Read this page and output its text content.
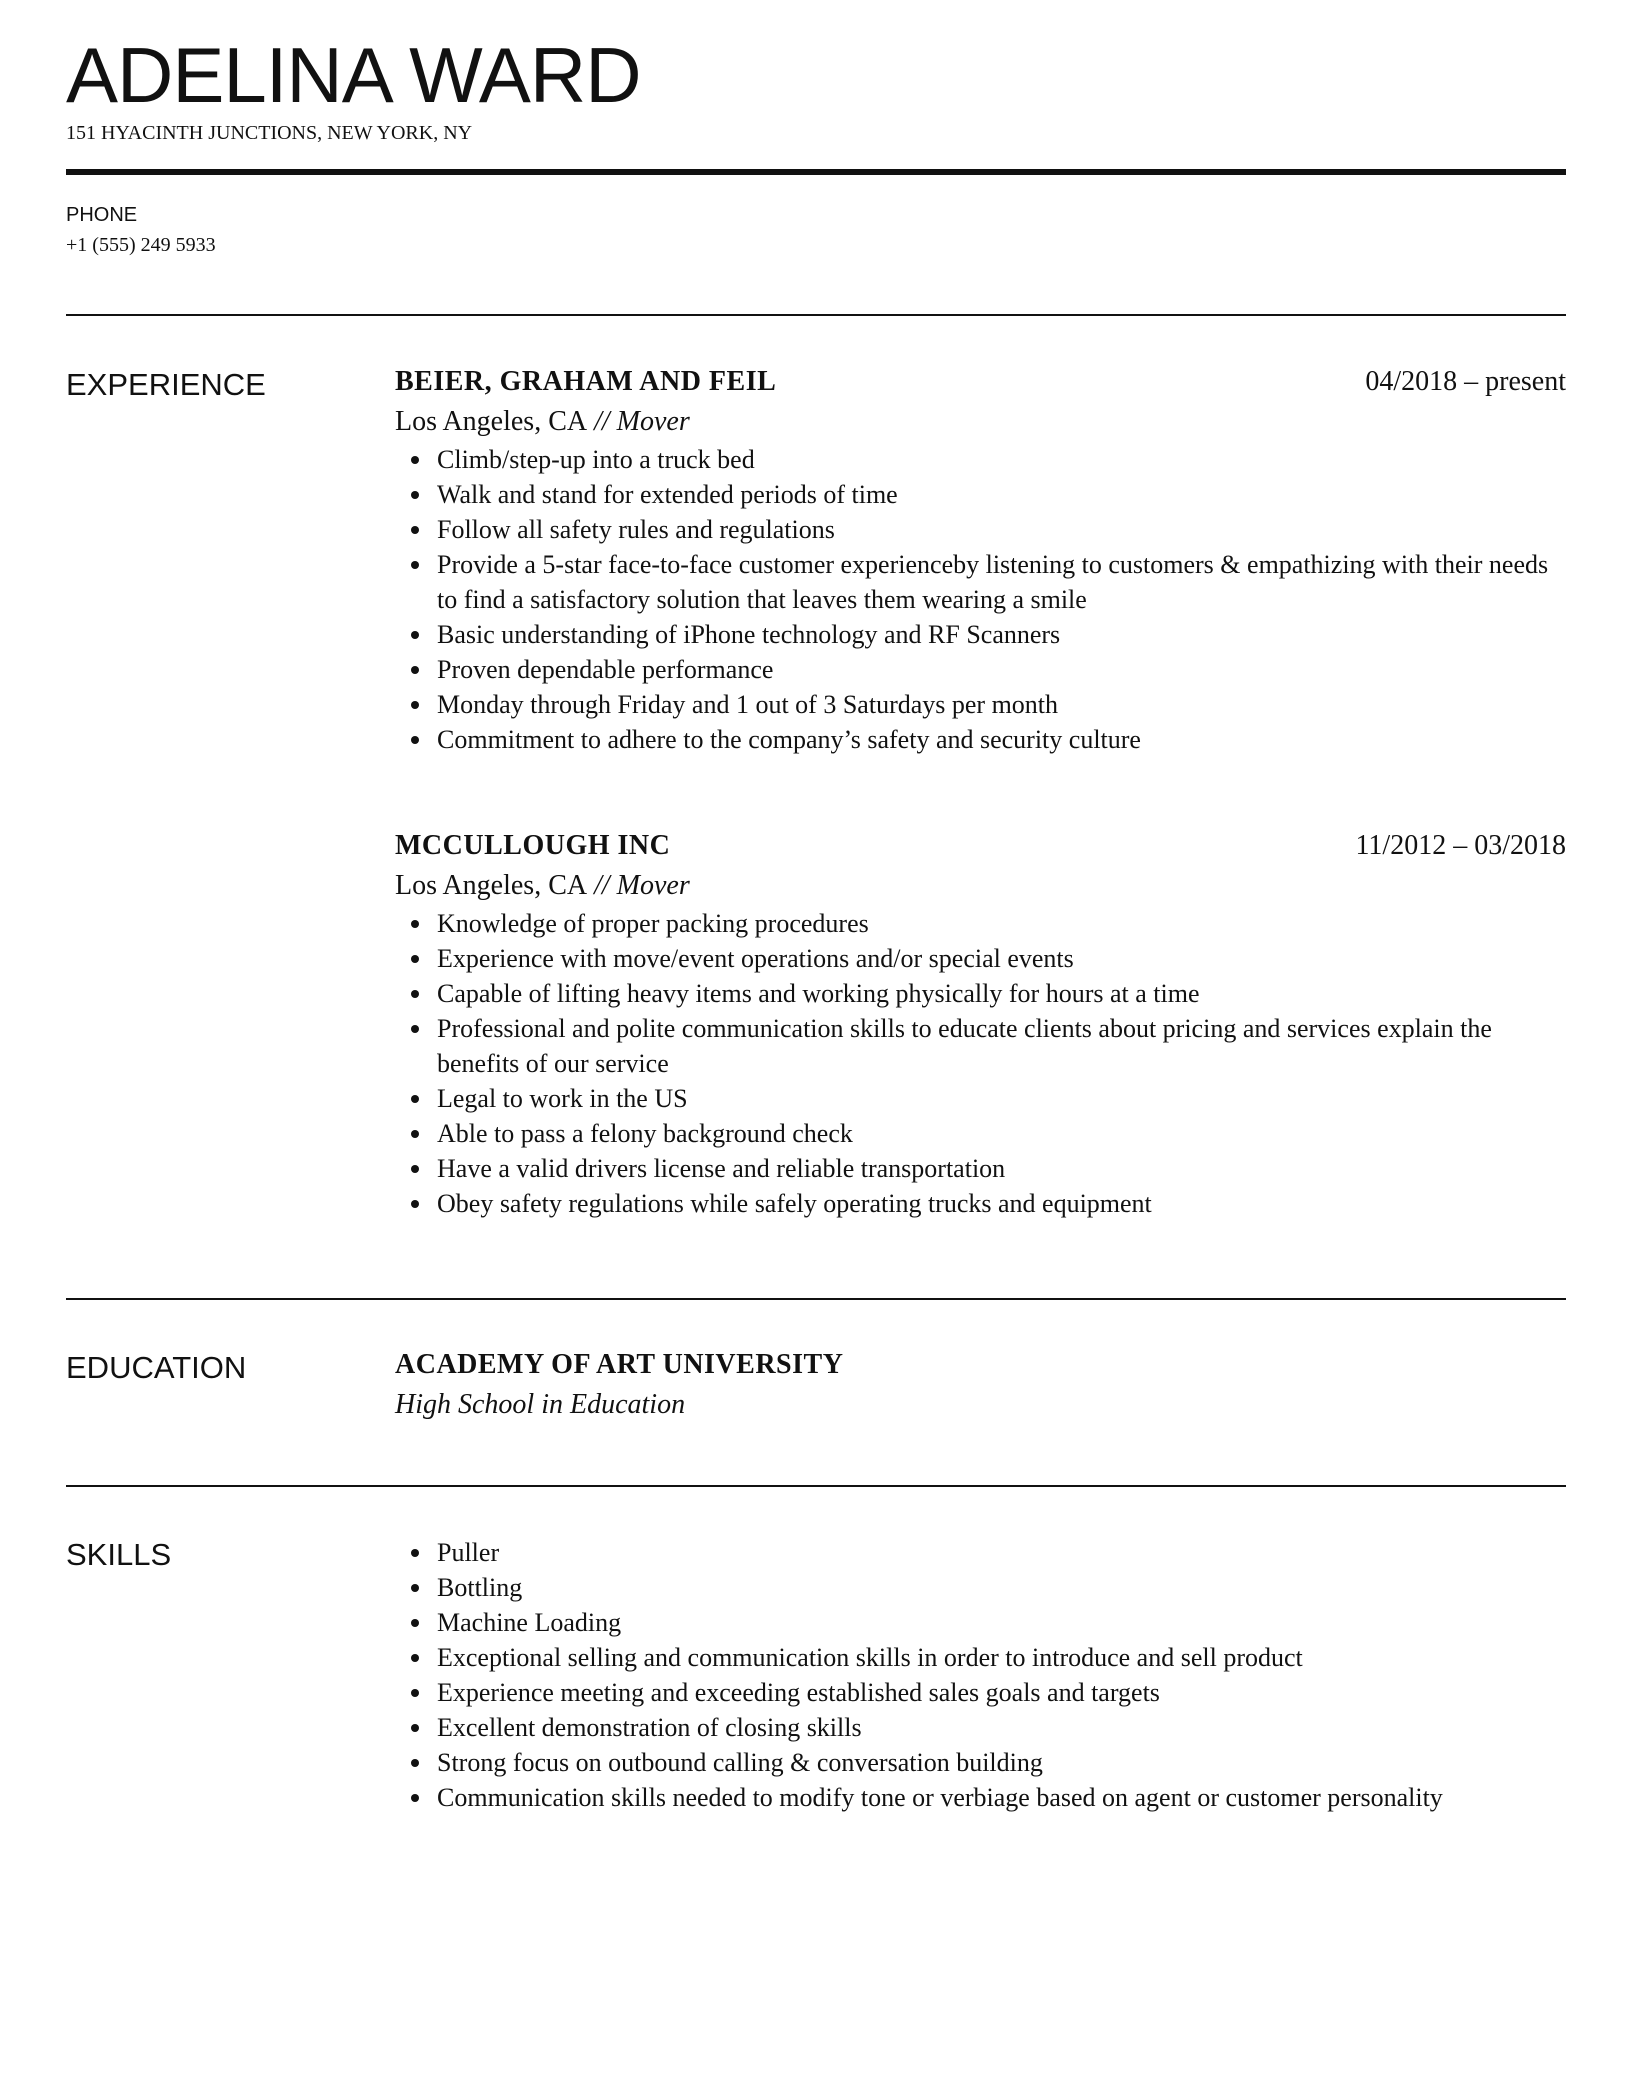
ADELINA WARD
151 HYACINTH JUNCTIONS, NEW YORK, NY
PHONE
+1 (555) 249 5933
EXPERIENCE	BEIER, GRAHAM AND FEIL	04/2018 – present
Los Angeles, CA // Mover
Climb/step-up into a truck bed
Walk and stand for extended periods of time
Follow all safety rules and regulations
Provide a 5-star face-to-face customer experienceby listening to customers & empathizing with their needs to find a satisfactory solution that leaves them wearing a smile
Basic understanding of iPhone technology and RF Scanners
Proven dependable performance
Monday through Friday and 1 out of 3 Saturdays per month
Commitment to adhere to the company’s safety and security culture
MCCULLOUGH INC	11/2012 – 03/2018
Los Angeles, CA // Mover
Knowledge of proper packing procedures
Experience with move/event operations and/or special events
Capable of lifting heavy items and working physically for hours at a time
Professional and polite communication skills to educate clients about pricing and services explain the benefits of our service
Legal to work in the US
Able to pass a felony background check
Have a valid drivers license and reliable transportation
Obey safety regulations while safely operating trucks and equipment
EDUCATION	ACADEMY OF ART UNIVERSITY
High School in Education
SKILLS	Puller
Bottling
Machine Loading
Exceptional selling and communication skills in order to introduce and sell product
Experience meeting and exceeding established sales goals and targets
Excellent demonstration of closing skills
Strong focus on outbound calling & conversation building
Communication skills needed to modify tone or verbiage based on agent or customer personality
